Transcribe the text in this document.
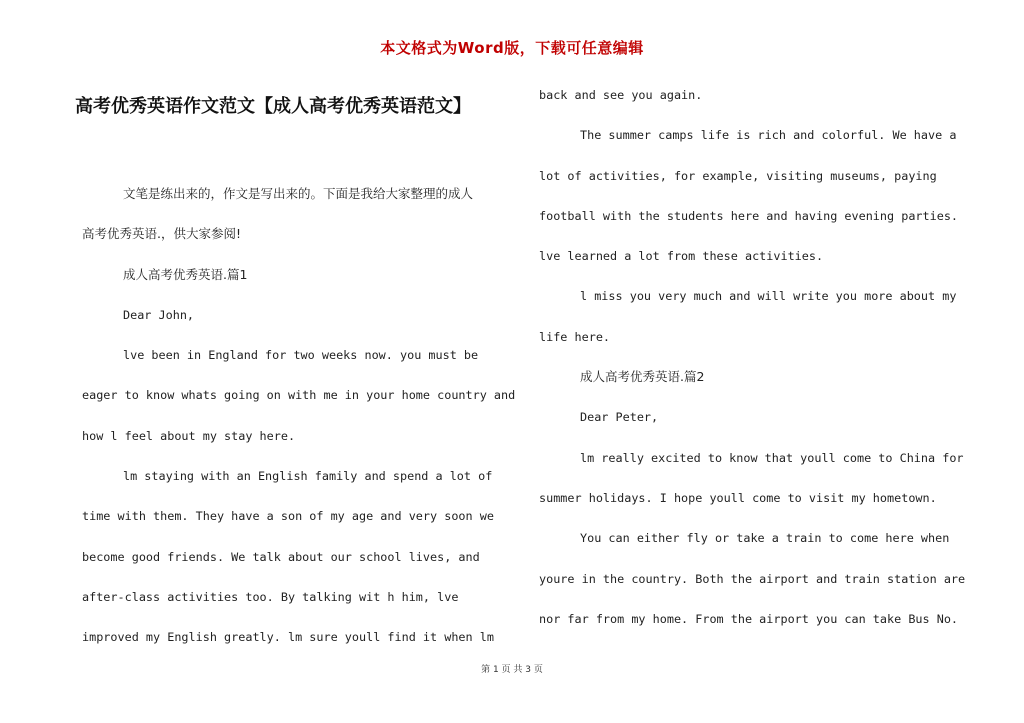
本文格式为Word版，下载可任意编辑
高考优秀英语作文范文【成人高考优秀英语范文】
文笔是练出来的，作文是写出来的。下面是我给大家整理的成人
高考优秀英语.，供大家参阅!
成人高考优秀英语.篇1
Dear John,
lve been in England for two weeks now. you must be
eager to know whats going on with me in your home country and
how l feel about my stay here.
lm staying with an English family and spend a lot of
time with them. They have a son of my age and very soon we
become good friends. We talk about our school lives, and
after-class activities too. By talking wit h him, lve
improved my English greatly. lm sure youll find it when lm
back and see you again.
The summer camps life is rich and colorful. We have a
lot of activities, for example, visiting museums, paying
football with the students here and having evening parties.
lve learned a lot from these activities.
l miss you very much and will write you more about my
life here.
成人高考优秀英语.篇2
Dear Peter,
lm really excited to know that youll come to China for
summer holidays. I hope youll come to visit my hometown.
You can either fly or take a train to come here when
youre in the country. Both the airport and train station are
nor far from my home. From the airport you can take Bus No.
第 1 页 共 3 页
